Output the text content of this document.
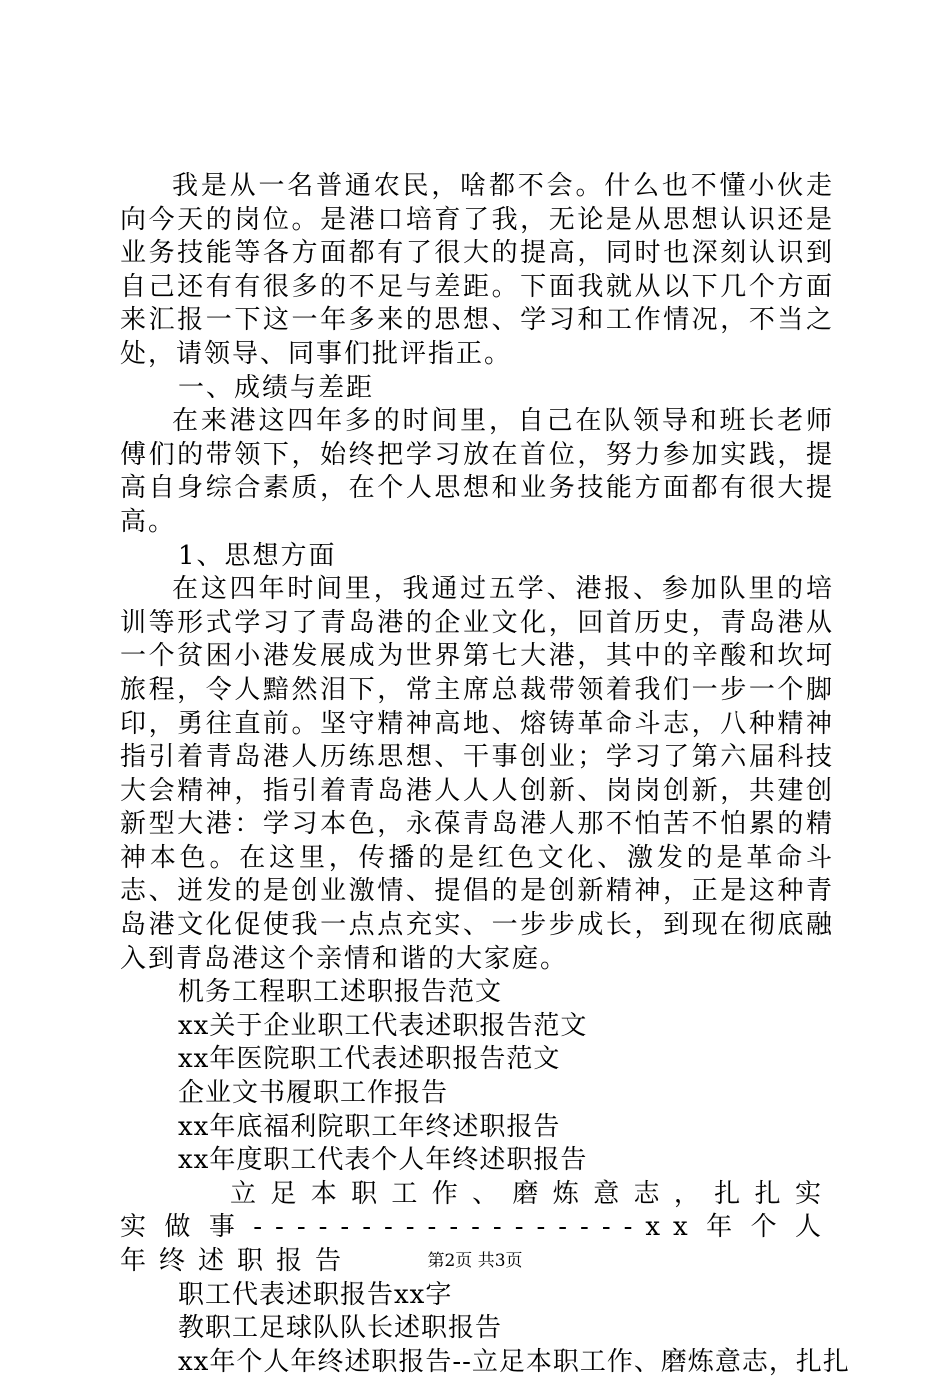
我是从一名普通农民，啥都不会。什么也不懂小伙走向今天的岗位。是港口培育了我，无论是从思想认识还是业务技能等各方面都有了很大的提高，同时也深刻认识到自己还有有很多的不足与差距。下面我就从以下几个方面来汇报一下这一年多来的思想、学习和工作情况，不当之处，请领导、同事们批评指正。

一、成绩与差距

在来港这四年多的时间里，自己在队领导和班长老师傅们的带领下，始终把学习放在首位，努力参加实践，提高自身综合素质，在个人思想和业务技能方面都有很大提高。

1、思想方面

在这四年时间里，我通过五学、港报、参加队里的培训等形式学习了青岛港的企业文化，回首历史，青岛港从一个贫困小港发展成为世界第七大港，其中的辛酸和坎坷旅程，令人黯然泪下，常主席总裁带领着我们一步一个脚印，勇往直前。坚守精神高地、熔铸革命斗志，八种精神指引着青岛港人历练思想、干事创业；学习了第六届科技大会精神，指引着青岛港人人人创新、岗岗创新，共建创新型大港：学习本色，永葆青岛港人那不怕苦不怕累的精神本色。在这里，传播的是红色文化、激发的是革命斗志、迸发的是创业激情、提倡的是创新精神，正是这种青岛港文化促使我一点点充实、一步步成长，到现在彻底融入到青岛港这个亲情和谐的大家庭。

机务工程职工述职报告范文

xx关于企业职工代表述职报告范文

xx年医院职工代表述职报告范文

企业文书履职工作报告

xx年底福利院职工年终述职报告

xx年度职工代表个人年终述职报告

立足本职工作、磨炼意志，扎扎实实做事------------------xx年个人年终述职报告

职工代表述职报告xx字

教职工足球队队长述职报告

xx年个人年终述职报告--立足本职工作、磨炼意志，扎扎

第2页 共3页
